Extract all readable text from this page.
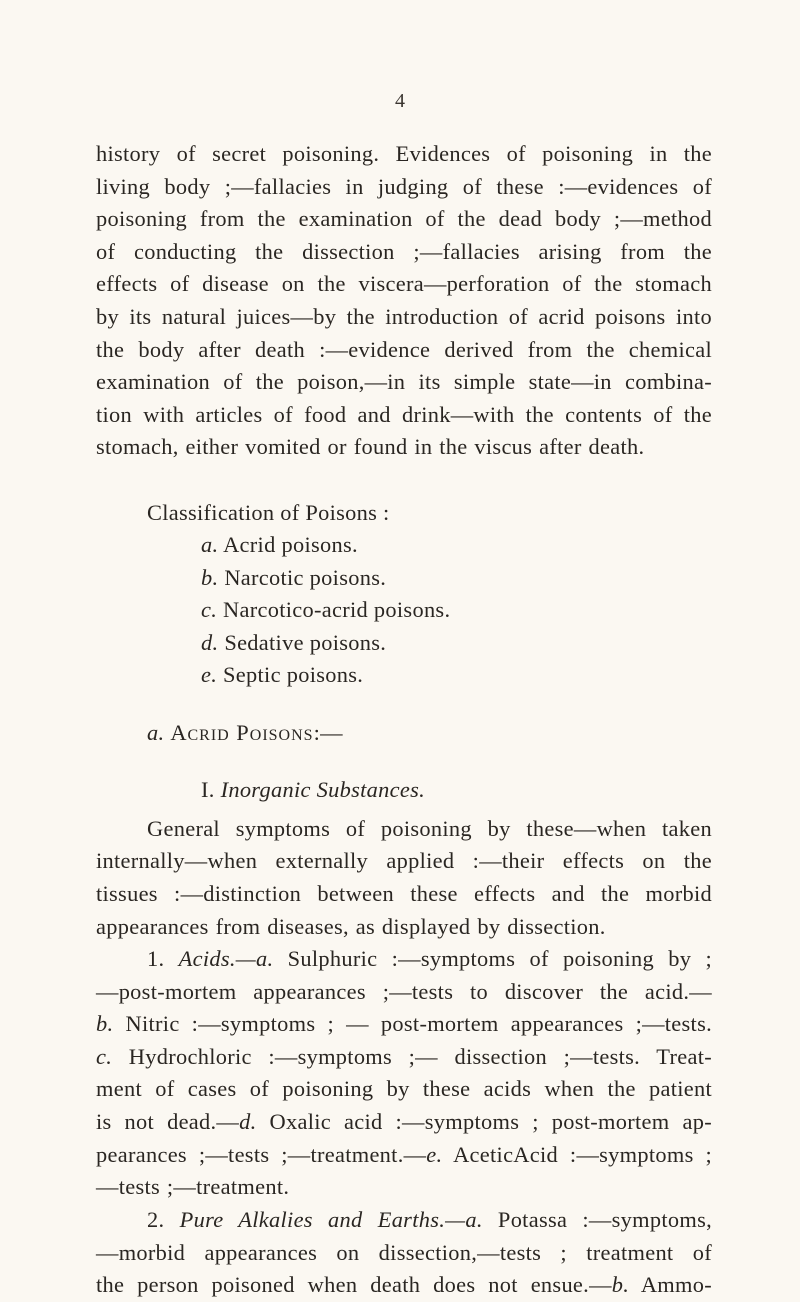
4
history of secret poisoning. Evidences of poisoning in the
living body ;—fallacies in judging of these :—evidences of
poisoning from the examination of the dead body ;—method
of conducting the dissection ;—fallacies arising from the
effects of disease on the viscera—perforation of the stomach
by its natural juices—by the introduction of acrid poisons into
the body after death :—evidence derived from the chemical
examination of the poison,—in its simple state—in combina-
tion with articles of food and drink—with the contents of the
stomach, either vomited or found in the viscus after death.
Classification of Poisons :
a. Acrid poisons.
b. Narcotic poisons.
c. Narcotico-acrid poisons.
d. Sedative poisons.
e. Septic poisons.
a. Acrid Poisons:—
I. Inorganic Substances.
General symptoms of poisoning by these—when taken
internally—when externally applied :—their effects on the
tissues :—distinction between these effects and the morbid
appearances from diseases, as displayed by dissection.
1. Acids.—a. Sulphuric :—symptoms of poisoning by ;
—post-mortem appearances ;—tests to discover the acid.—
b. Nitric :—symptoms ; — post-mortem appearances ;—tests.
c. Hydrochloric :—symptoms ;— dissection ;—tests. Treat-
ment of cases of poisoning by these acids when the patient
is not dead.—d. Oxalic acid :—symptoms ; post-mortem ap-
pearances ;—tests ;—treatment.—e. AceticAcid :—symptoms ;
—tests ;—treatment.
2. Pure Alkalies and Earths.—a. Potassa :—symptoms,
—morbid appearances on dissection,—tests ; treatment of
the person poisoned when death does not ensue.—b. Ammo-
